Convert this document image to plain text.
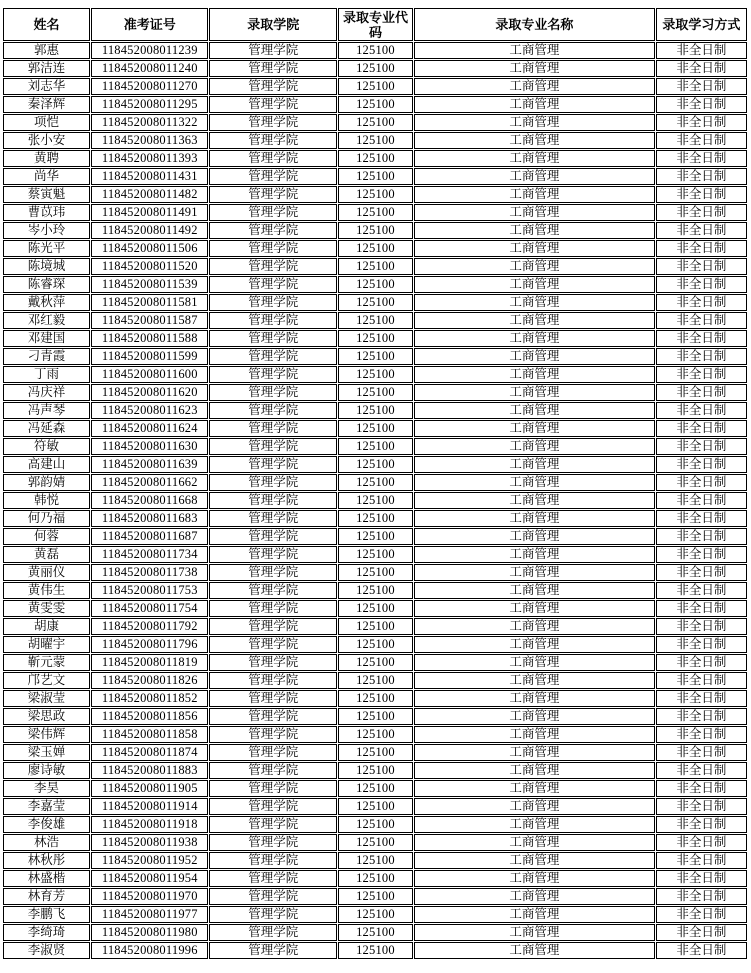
姓名	准考证号	录取学院	录取专业代码	录取专业名称	录取学习方式
郭惠	118452008011239	管理学院	125100	工商管理	非全日制
郭洁连	118452008011240	管理学院	125100	工商管理	非全日制
刘志华	118452008011270	管理学院	125100	工商管理	非全日制
秦泽辉	118452008011295	管理学院	125100	工商管理	非全日制
项恺	118452008011322	管理学院	125100	工商管理	非全日制
张小安	118452008011363	管理学院	125100	工商管理	非全日制
黄聘	118452008011393	管理学院	125100	工商管理	非全日制
尚华	118452008011431	管理学院	125100	工商管理	非全日制
蔡寅魁	118452008011482	管理学院	125100	工商管理	非全日制
曹苡玮	118452008011491	管理学院	125100	工商管理	非全日制
岑小玲	118452008011492	管理学院	125100	工商管理	非全日制
陈光平	118452008011506	管理学院	125100	工商管理	非全日制
陈境城	118452008011520	管理学院	125100	工商管理	非全日制
陈睿琛	118452008011539	管理学院	125100	工商管理	非全日制
戴秋萍	118452008011581	管理学院	125100	工商管理	非全日制
邓红毅	118452008011587	管理学院	125100	工商管理	非全日制
邓建国	118452008011588	管理学院	125100	工商管理	非全日制
刁青霞	118452008011599	管理学院	125100	工商管理	非全日制
丁雨	118452008011600	管理学院	125100	工商管理	非全日制
冯庆祥	118452008011620	管理学院	125100	工商管理	非全日制
冯声琴	118452008011623	管理学院	125100	工商管理	非全日制
冯延森	118452008011624	管理学院	125100	工商管理	非全日制
符敏	118452008011630	管理学院	125100	工商管理	非全日制
高建山	118452008011639	管理学院	125100	工商管理	非全日制
郭韵婧	118452008011662	管理学院	125100	工商管理	非全日制
韩悦	118452008011668	管理学院	125100	工商管理	非全日制
何乃福	118452008011683	管理学院	125100	工商管理	非全日制
何蓉	118452008011687	管理学院	125100	工商管理	非全日制
黄磊	118452008011734	管理学院	125100	工商管理	非全日制
黄丽仪	118452008011738	管理学院	125100	工商管理	非全日制
黄伟生	118452008011753	管理学院	125100	工商管理	非全日制
黄雯雯	118452008011754	管理学院	125100	工商管理	非全日制
胡康	118452008011792	管理学院	125100	工商管理	非全日制
胡曜宇	118452008011796	管理学院	125100	工商管理	非全日制
靳元蒙	118452008011819	管理学院	125100	工商管理	非全日制
邝艺文	118452008011826	管理学院	125100	工商管理	非全日制
梁淑莹	118452008011852	管理学院	125100	工商管理	非全日制
梁思政	118452008011856	管理学院	125100	工商管理	非全日制
梁伟辉	118452008011858	管理学院	125100	工商管理	非全日制
梁玉婵	118452008011874	管理学院	125100	工商管理	非全日制
廖诗敏	118452008011883	管理学院	125100	工商管理	非全日制
李昊	118452008011905	管理学院	125100	工商管理	非全日制
李嘉莹	118452008011914	管理学院	125100	工商管理	非全日制
李俊雄	118452008011918	管理学院	125100	工商管理	非全日制
林浩	118452008011938	管理学院	125100	工商管理	非全日制
林秋彤	118452008011952	管理学院	125100	工商管理	非全日制
林盛楷	118452008011954	管理学院	125100	工商管理	非全日制
林育芳	118452008011970	管理学院	125100	工商管理	非全日制
李鹏飞	118452008011977	管理学院	125100	工商管理	非全日制
李绮琦	118452008011980	管理学院	125100	工商管理	非全日制
李淑贤	118452008011996	管理学院	125100	工商管理	非全日制
